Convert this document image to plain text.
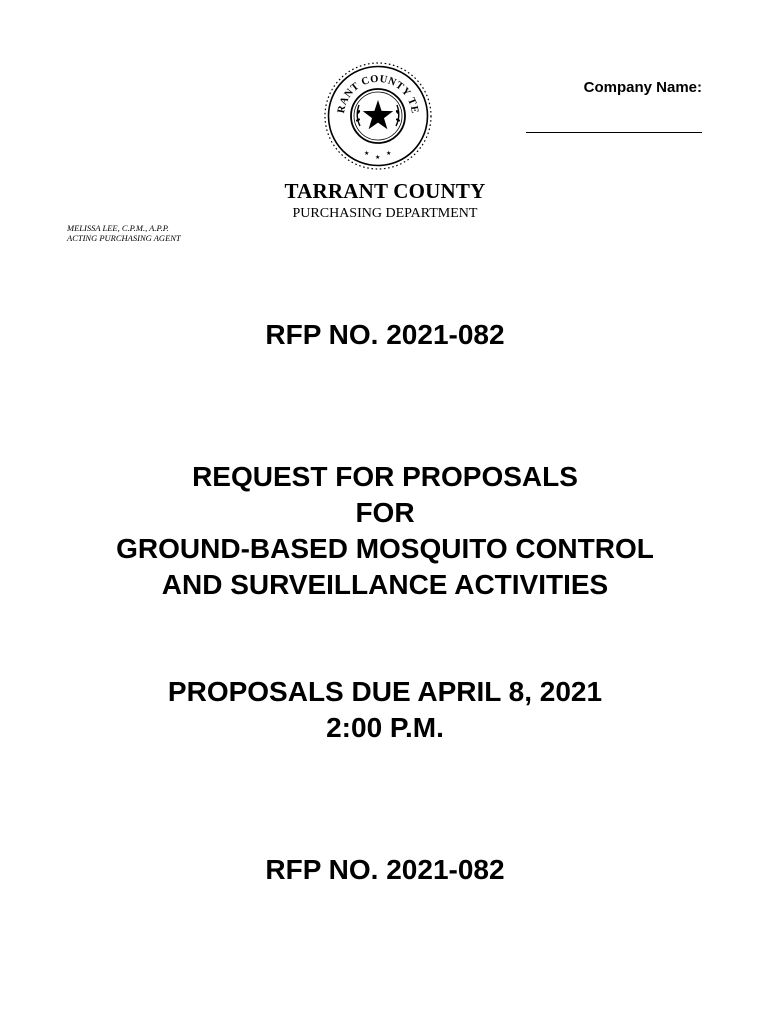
RANT COUNTY TE
★
★
★
Company Name:
TARRANT COUNTY
PURCHASING DEPARTMENT
MELISSA LEE, C.P.M., A.P.P.
ACTING PURCHASING AGENT
RFP NO. 2021-082
REQUEST FOR PROPOSALS
FOR
GROUND-BASED MOSQUITO CONTROL
AND SURVEILLANCE ACTIVITIES
PROPOSALS DUE APRIL 8, 2021
2:00 P.M.
RFP NO. 2021-082
